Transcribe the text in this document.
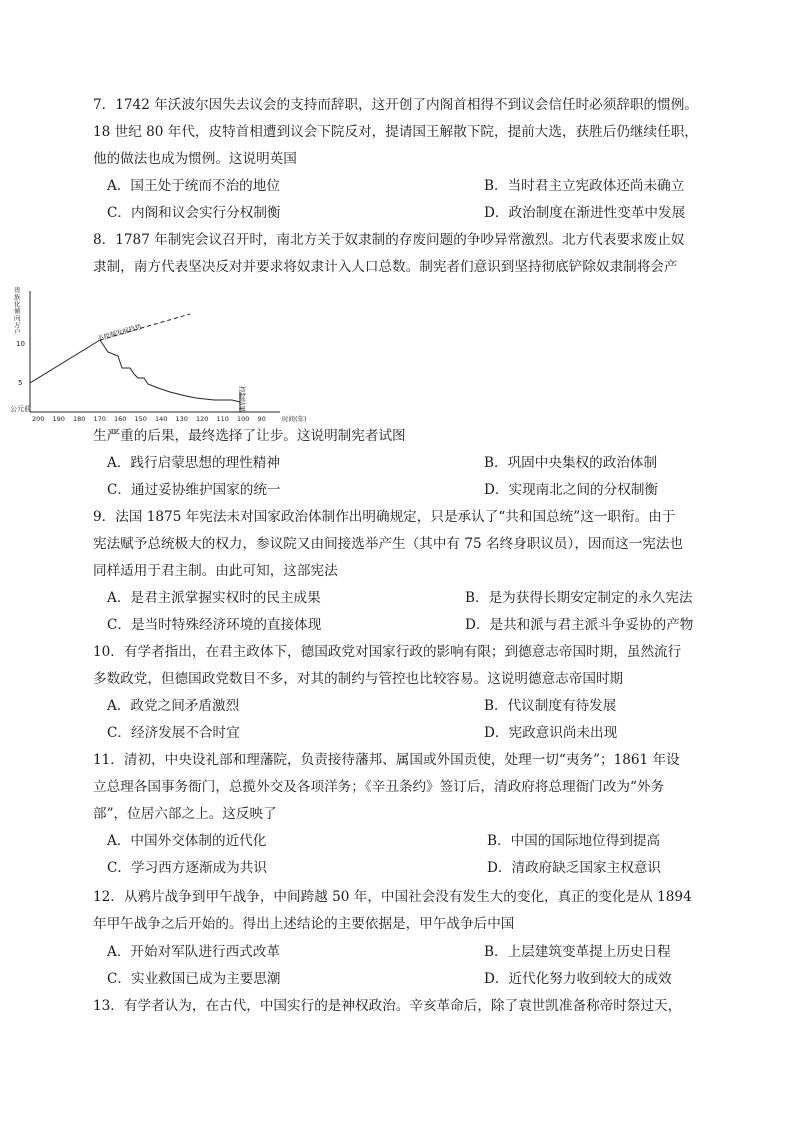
7．1742 年沃波尔因失去议会的支持而辞职，这开创了内阁首相得不到议会信任时必须辞职的惯例。
18 世纪 80 年代，皮特首相遭到议会下院反对，提请国王解散下院，提前大选，获胜后仍继续任职，
他的做法也成为惯例。这说明英国
A．国王处于统而不治的地位	B．当时君主立宪政体还尚未确立
C．内阁和议会实行分权制衡	D．政治制度在渐进性变革中发展
8．1787 年制宪会议召开时，南北方关于奴隶制的存废问题的争吵异常激烈。北方代表要求废止奴
隶制，南方代表坚决反对并要求将奴隶计入人口总数。制宪者们意识到坚持彻底铲除奴隶制将会产
贵 族 化 倾 向 万 户
10
5
不控制发展趋势
控制结果
公元前
200 190 180 170 160 150 140 130 120 110 100 90 时间(年)
生严重的后果，最终选择了让步。这说明制宪者试图
A．践行启蒙思想的理性精神	B．巩固中央集权的政治体制
C．通过妥协维护国家的统一	D．实现南北之间的分权制衡
9．法国 1875 年宪法未对国家政治体制作出明确规定，只是承认了“共和国总统”这一职衔。由于
宪法赋予总统极大的权力，参议院又由间接选举产生（其中有 75 名终身职议员），因而这一宪法也
同样适用于君主制。由此可知，这部宪法
A．是君主派掌握实权时的民主成果	B．是为获得长期安定制定的永久宪法
C．是当时特殊经济环境的直接体现	D．是共和派与君主派斗争妥协的产物
10．有学者指出，在君主政体下，德国政党对国家行政的影响有限；到德意志帝国时期，虽然流行
多数政党，但德国政党数目不多，对其的制约与管控也比较容易。这说明德意志帝国时期
A．政党之间矛盾激烈	B．代议制度有待发展
C．经济发展不合时宜	D．宪政意识尚未出现
11．清初，中央设礼部和理藩院，负责接待藩邦、属国或外国贡使，处理一切“夷务”；1861 年设
立总理各国事务衙门，总揽外交及各项洋务；《辛丑条约》签订后，清政府将总理衙门改为“外务
部”，位居六部之上。这反映了
A．中国外交体制的近代化	B．中国的国际地位得到提高
C．学习西方逐渐成为共识	D．清政府缺乏国家主权意识
12．从鸦片战争到甲午战争，中间跨越 50 年，中国社会没有发生大的变化，真正的变化是从 1894
年甲午战争之后开始的。得出上述结论的主要依据是，甲午战争后中国
A．开始对军队进行西式改革	B．上层建筑变革提上历史日程
C．实业救国已成为主要思潮	D．近代化努力收到较大的成效
13．有学者认为，在古代，中国实行的是神权政治。辛亥革命后，除了袁世凯准备称帝时祭过天，
